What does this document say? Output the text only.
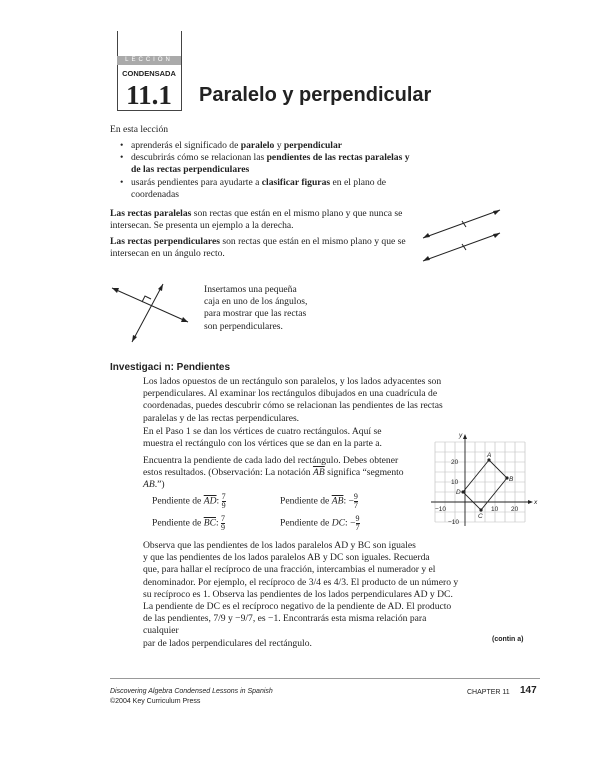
LECCIÓN
CONDENSADA
11.1	Paralelo y perpendicular
En esta lección
• aprenderás el significado de paralelo y perpendicular
• descubrirás cómo se relacionan las pendientes de las rectas paralelas y de las rectas perpendiculares
• usarás pendientes para ayudarte a clasificar figuras en el plano de coordenadas
Las rectas paralelas son rectas que están en el mismo plano y que nunca se intersecan. Se presenta un ejemplo a la derecha.
Las rectas perpendiculares son rectas que están en el mismo plano y que se intersecan en un ángulo recto.
Insertamos una pequeña caja en uno de los ángulos, para mostrar que las rectas son perpendiculares.
Investigaci n: Pendientes
Los lados opuestos de un rectángulo son paralelos, y los lados adyacentes son perpendiculares. Al examinar los rectángulos dibujados en una cuadrícula de coordenadas, puedes descubrir cómo se relacionan las pendientes de las rectas paralelas y de las rectas perpendiculares.
En el Paso 1 se dan los vértices de cuatro rectángulos. Aquí se muestra el rectángulo con los vértices que se dan en la parte a.
Encuentra la pendiente de cada lado del rectángulo. Debes obtener estos resultados. (Observación: La notación $\overline{AB}$ significa “segmento AB.”)
Pendiente de $\overline{AD}$: $\frac{7}{9}$	Pendiente de $\overline{AB}$: − $\frac{9}{7}$
Pendiente de $\overline{BC}$: $\frac{7}{9}$	Pendiente de DC: − $\frac{9}{7}$
y
x
20
10
−10	10 20
−10
A
B
C
D
Observa que las pendientes de los lados paralelos AD y BC son iguales
y que las pendientes de los lados paralelos AB y DC son iguales. Recuerda
que, para hallar el recíproco de una fracción, intercambias el numerador y el
denominador. Por ejemplo, el recíproco de 3/4 es 4/3. El producto de un número y
su recíproco es 1. Observa las pendientes de los lados perpendiculares AD y DC.
La pendiente de DC es el recíproco negativo de la pendiente de AD. El producto
de las pendientes, 7/9 y −9/7, es −1. Encontrarás esta misma relación para cualquier
par de lados perpendiculares del rectángulo.	(contin a)
Discovering Algebra Condensed Lessons in Spanish
©2004 Key Curriculum Press
CHAPTER 11 147
